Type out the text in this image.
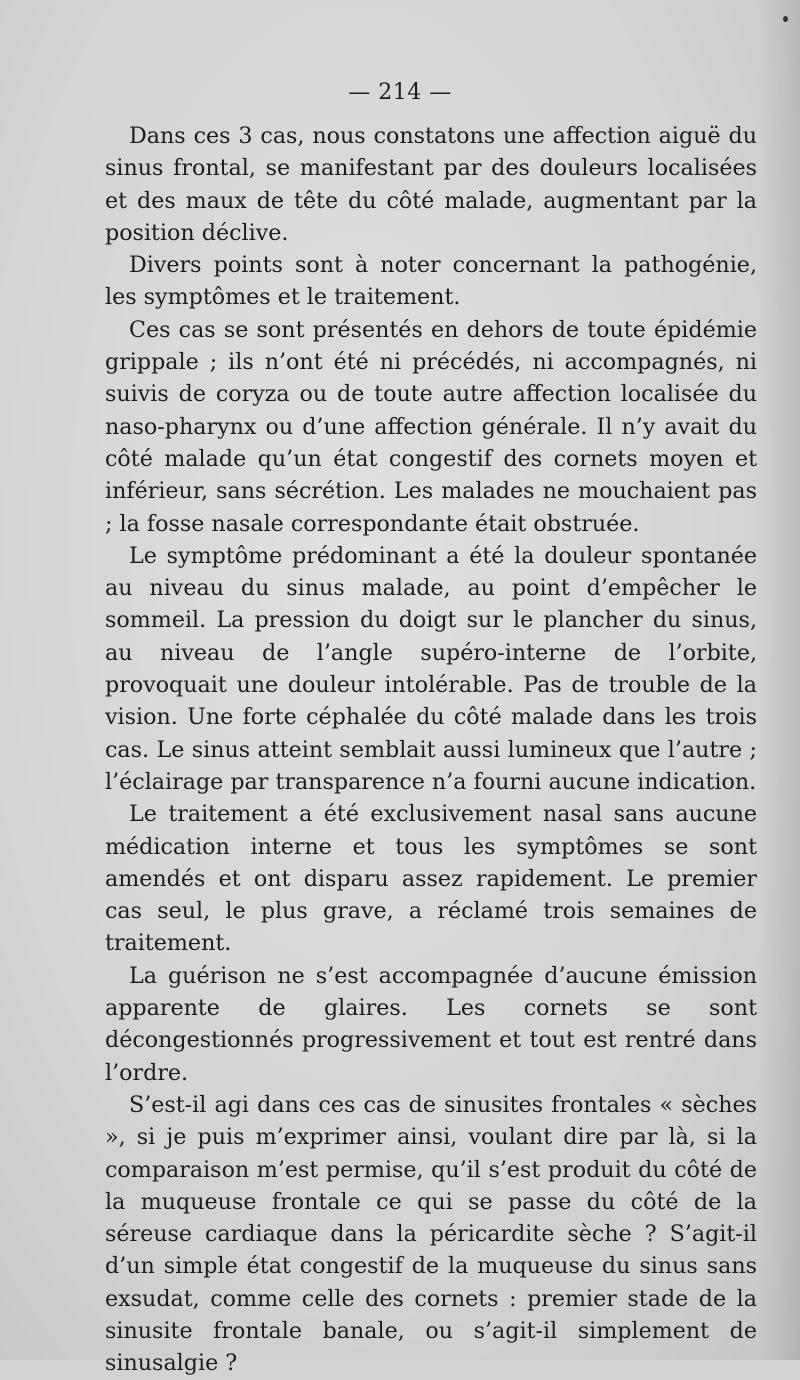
— 214 —

Dans ces 3 cas, nous constatons une affection aiguë du sinus frontal, se manifestant par des douleurs localisées et des maux de tête du côté malade, augmentant par la position déclive.

Divers points sont à noter concernant la pathogénie, les symptômes et le traitement.

Ces cas se sont présentés en dehors de toute épidémie grippale ; ils n’ont été ni précédés, ni accompagnés, ni suivis de coryza ou de toute autre affection localisée du naso-pharynx ou d’une affection générale. Il n’y avait du côté malade qu’un état congestif des cornets moyen et inférieur, sans sécrétion. Les malades ne mouchaient pas ; la fosse nasale correspondante était obstruée.

Le symptôme prédominant a été la douleur spontanée au niveau du sinus malade, au point d’empêcher le sommeil. La pression du doigt sur le plancher du sinus, au niveau de l’angle supéro-interne de l’orbite, provoquait une douleur intolérable. Pas de trouble de la vision. Une forte céphalée du côté malade dans les trois cas. Le sinus atteint semblait aussi lumineux que l’autre ; l’éclairage par transparence n’a fourni aucune indication.

Le traitement a été exclusivement nasal sans aucune médication interne et tous les symptômes se sont amendés et ont disparu assez rapidement. Le premier cas seul, le plus grave, a réclamé trois semaines de traitement.

La guérison ne s’est accompagnée d’aucune émission apparente de glaires. Les cornets se sont décongestionnés progressivement et tout est rentré dans l’ordre.

S’est-il agi dans ces cas de sinusites frontales « sèches », si je puis m’exprimer ainsi, voulant dire par là, si la comparaison m’est permise, qu’il s’est produit du côté de la muqueuse frontale ce qui se passe du côté de la séreuse cardiaque dans la péricardite sèche ? S’agit-il d’un simple état congestif de la muqueuse du sinus sans exsudat, comme celle des cornets : premier stade de la sinusite frontale banale, ou s’agit-il simplement de sinusalgie ?
